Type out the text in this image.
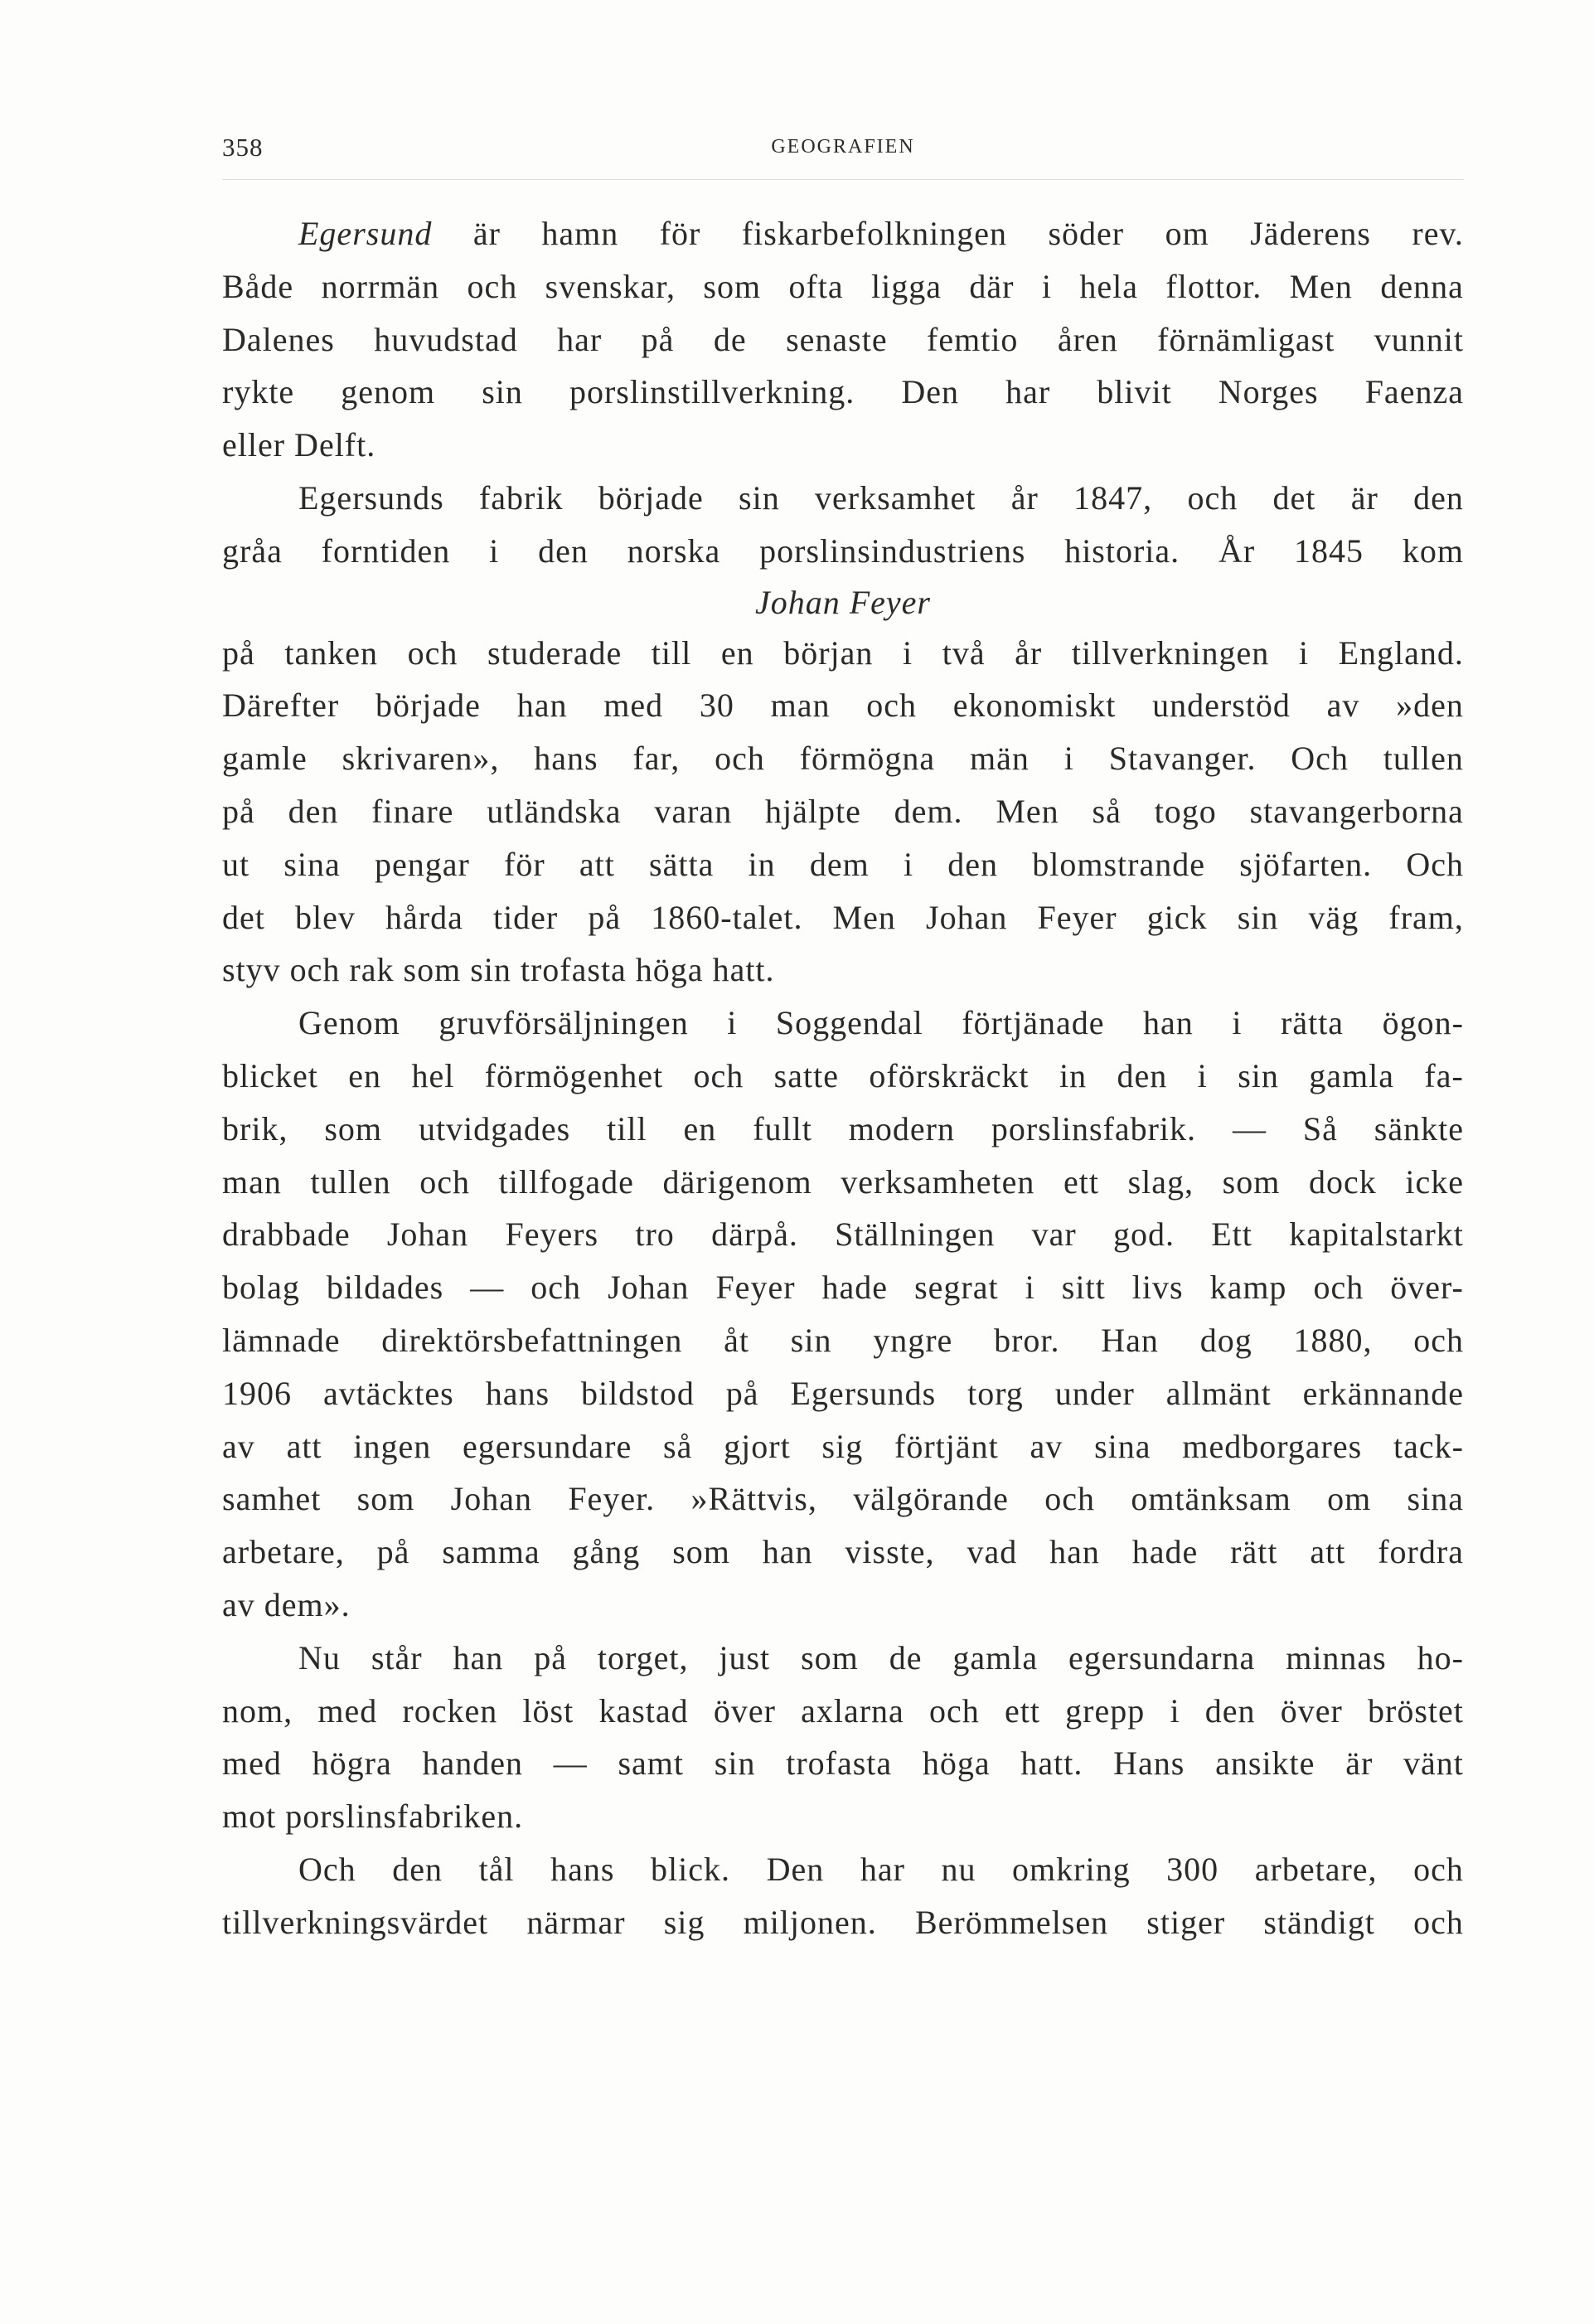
358	GEOGRAFIEN
Egersund är hamn för fiskarbefolkningen söder om Jäderens rev.
Både norrmän och svenskar, som ofta ligga där i hela flottor. Men denna
Dalenes huvudstad har på de senaste femtio åren förnämligast vunnit
rykte genom sin porslinstillverkning. Den har blivit Norges Faenza
eller Delft.
Egersunds fabrik började sin verksamhet år 1847, och det är den
gråa forntiden i den norska porslinsindustriens historia. År 1845 kom
Johan Feyer
på tanken och studerade till en början i två år tillverkningen i England.
Därefter började han med 30 man och ekonomiskt understöd av »den
gamle skrivaren», hans far, och förmögna män i Stavanger. Och tullen
på den finare utländska varan hjälpte dem. Men så togo stavangerborna
ut sina pengar för att sätta in dem i den blomstrande sjöfarten. Och
det blev hårda tider på 1860-talet. Men Johan Feyer gick sin väg fram,
styv och rak som sin trofasta höga hatt.
Genom gruvförsäljningen i Soggendal förtjänade han i rätta ögon-
blicket en hel förmögenhet och satte oförskräckt in den i sin gamla fa-
brik, som utvidgades till en fullt modern porslinsfabrik. — Så sänkte
man tullen och tillfogade därigenom verksamheten ett slag, som dock icke
drabbade Johan Feyers tro därpå. Ställningen var god. Ett kapitalstarkt
bolag bildades — och Johan Feyer hade segrat i sitt livs kamp och över-
lämnade direktörsbefattningen åt sin yngre bror. Han dog 1880, och
1906 avtäcktes hans bildstod på Egersunds torg under allmänt erkännande
av att ingen egersundare så gjort sig förtjänt av sina medborgares tack-
samhet som Johan Feyer. »Rättvis, välgörande och omtänksam om sina
arbetare, på samma gång som han visste, vad han hade rätt att fordra
av dem».
Nu står han på torget, just som de gamla egersundarna minnas ho-
nom, med rocken löst kastad över axlarna och ett grepp i den över bröstet
med högra handen — samt sin trofasta höga hatt. Hans ansikte är vänt
mot porslinsfabriken.
Och den tål hans blick. Den har nu omkring 300 arbetare, och
tillverkningsvärdet närmar sig miljonen. Berömmelsen stiger ständigt och
